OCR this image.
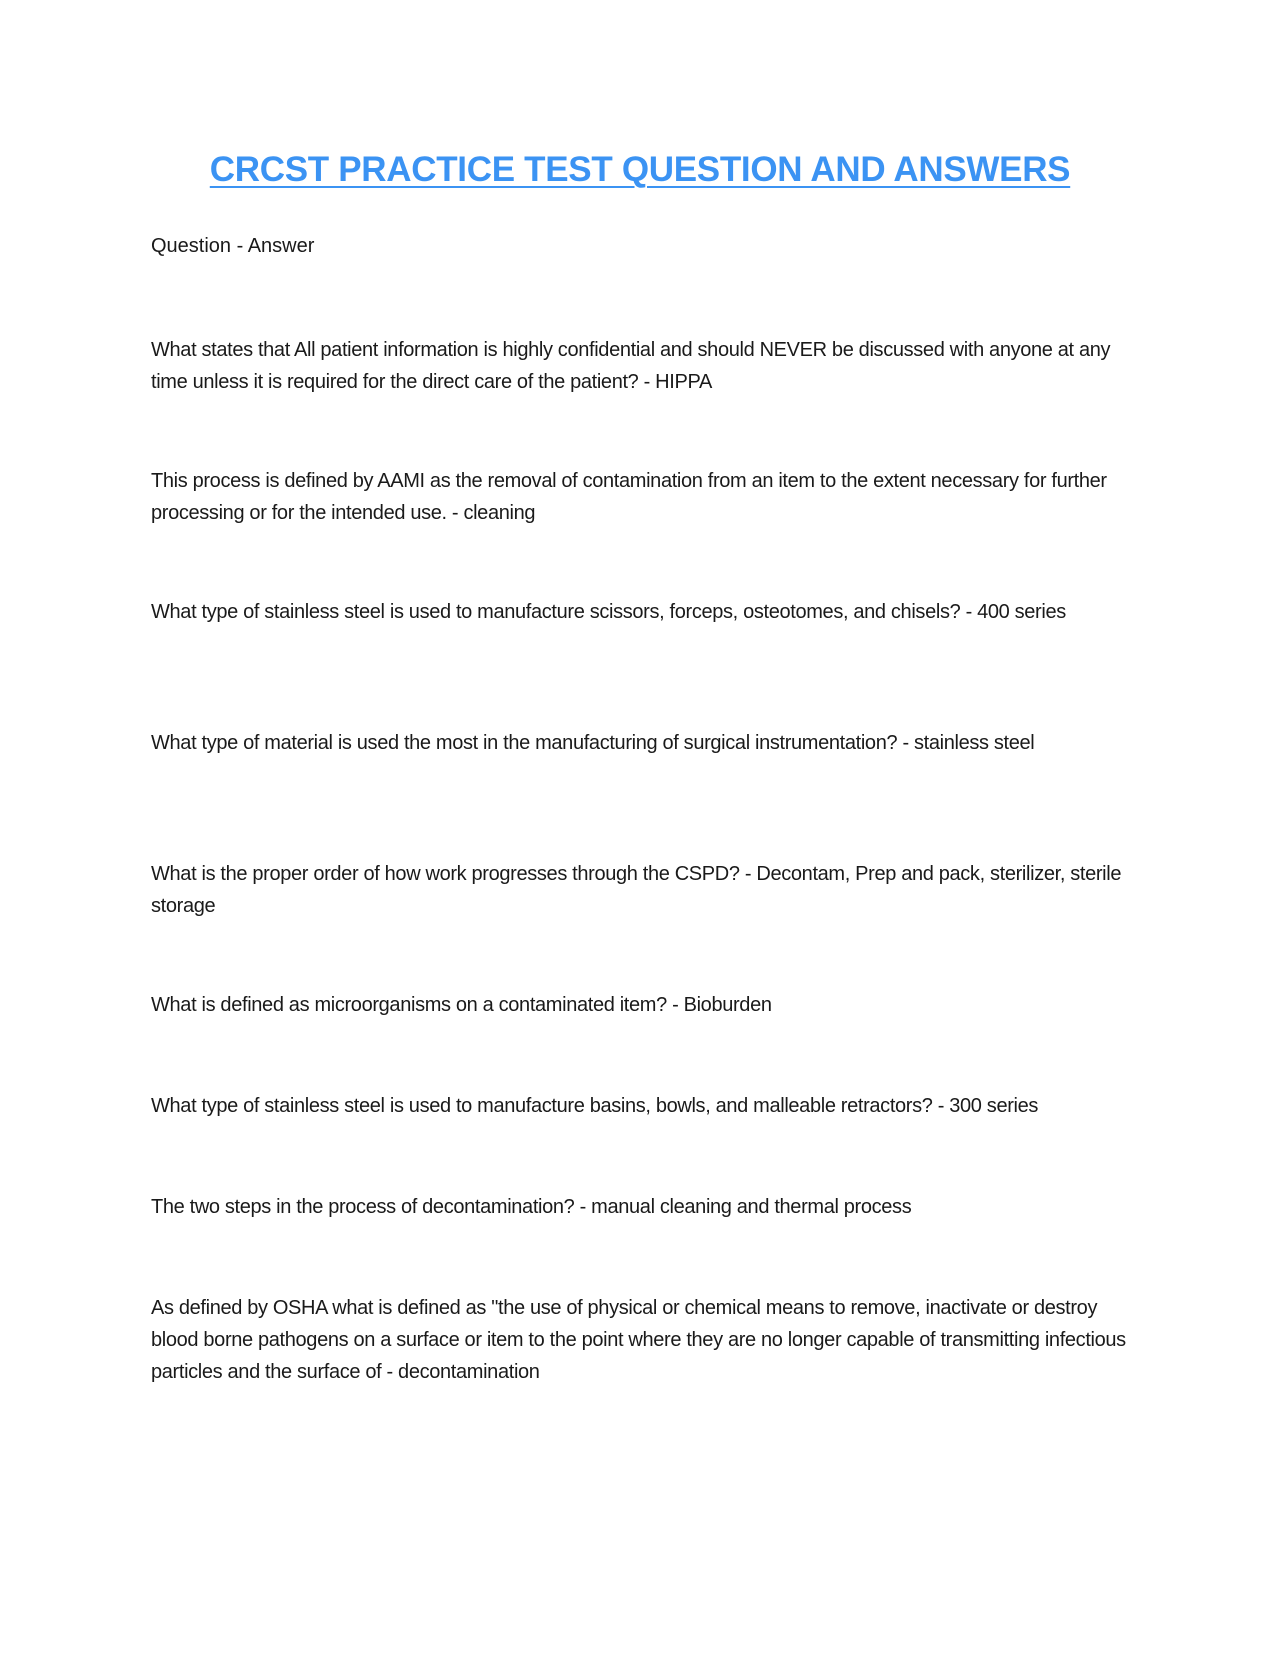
CRCST PRACTICE TEST QUESTION AND ANSWERS
Question - Answer
What states that All patient information is highly confidential and should NEVER be discussed with anyone at any time unless it is required for the direct care of the patient? - HIPPA
This process is defined by AAMI as the removal of contamination from an item to the extent necessary for further processing or for the intended use. - cleaning
What type of stainless steel is used to manufacture scissors, forceps, osteotomes, and chisels? - 400 series
What type of material is used the most in the manufacturing of surgical instrumentation? - stainless steel
What is the proper order of how work progresses through the CSPD? - Decontam, Prep and pack, sterilizer, sterile storage
What is defined as microorganisms on a contaminated item? - Bioburden
What type of stainless steel is used to manufacture basins, bowls, and malleable retractors? - 300 series
The two steps in the process of decontamination? - manual cleaning and thermal process
As defined by OSHA what is defined as "the use of physical or chemical means to remove, inactivate or destroy blood borne pathogens on a surface or item to the point where they are no longer capable of transmitting infectious particles and the surface of - decontamination
